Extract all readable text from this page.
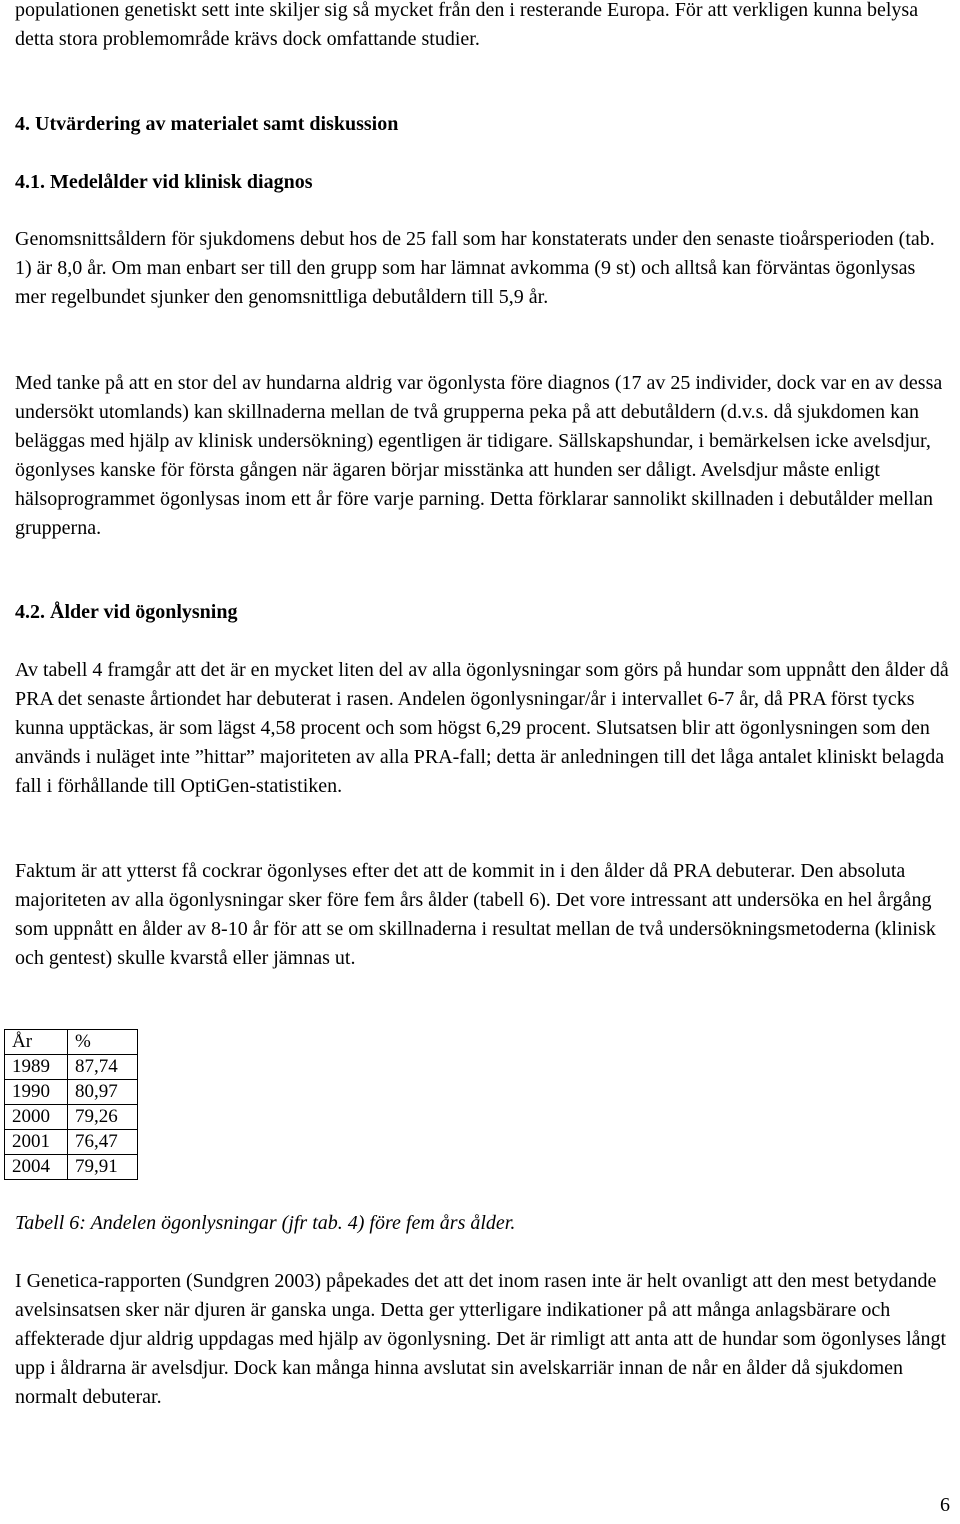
populationen genetiskt sett inte skiljer sig så mycket från den i resterande Europa. För att verkligen kunna belysa detta stora problemområde krävs dock omfattande studier.

4. Utvärdering av materialet samt diskussion
4.1. Medelålder vid klinisk diagnos

Genomsnittsåldern för sjukdomens debut hos de 25 fall som har konstaterats under den senaste tioårsperioden (tab. 1) är 8,0 år. Om man enbart ser till den grupp som har lämnat avkomma (9 st) och alltså kan förväntas ögonlysas mer regelbundet sjunker den genomsnittliga debutåldern till 5,9 år.

Med tanke på att en stor del av hundarna aldrig var ögonlysta före diagnos (17 av 25 individer, dock var en av dessa undersökt utomlands) kan skillnaderna mellan de två grupperna peka på att debutåldern (d.v.s. då sjukdomen kan beläggas med hjälp av klinisk undersökning) egentligen är tidigare. Sällskapshundar, i bemärkelsen icke avelsdjur, ögonlyses kanske för första gången när ägaren börjar misstänka att hunden ser dåligt. Avelsdjur måste enligt hälsoprogrammet ögonlysas inom ett år före varje parning. Detta förklarar sannolikt skillnaden i debutålder mellan grupperna.

4.2. Ålder vid ögonlysning

Av tabell 4 framgår att det är en mycket liten del av alla ögonlysningar som görs på hundar som uppnått den ålder då PRA det senaste årtiondet har debuterat i rasen. Andelen ögonlysningar/år i intervallet 6-7 år, då PRA först tycks kunna upptäckas, är som lägst 4,58 procent och som högst 6,29 procent. Slutsatsen blir att ögonlysningen som den används i nuläget inte ”hittar” majoriteten av alla PRA-fall; detta är anledningen till det låga antalet kliniskt belagda fall i förhållande till OptiGen-statistiken.

Faktum är att ytterst få cockrar ögonlyses efter det att de kommit in i den ålder då PRA debuterar. Den absoluta majoriteten av alla ögonlysningar sker före fem års ålder (tabell 6). Det vore intressant att undersöka en hel årgång som uppnått en ålder av 8-10 år för att se om skillnaderna i resultat mellan de två undersökningsmetoderna (klinisk och gentest) skulle kvarstå eller jämnas ut.

År	%
1989	87,74
1990	80,97
2000	79,26
2001	76,47
2004	79,91

Tabell 6: Andelen ögonlysningar (jfr tab. 4) före fem års ålder.

I Genetica-rapporten (Sundgren 2003) påpekades det att det inom rasen inte är helt ovanligt att den mest betydande avelsinsatsen sker när djuren är ganska unga. Detta ger ytterligare indikationer på att många anlagsbärare och affekterade djur aldrig uppdagas med hjälp av ögonlysning. Det är rimligt att anta att de hundar som ögonlyses långt upp i åldrarna är avelsdjur. Dock kan många hinna avslutat sin avelskarriär innan de når en ålder då sjukdomen normalt debuterar.

6
